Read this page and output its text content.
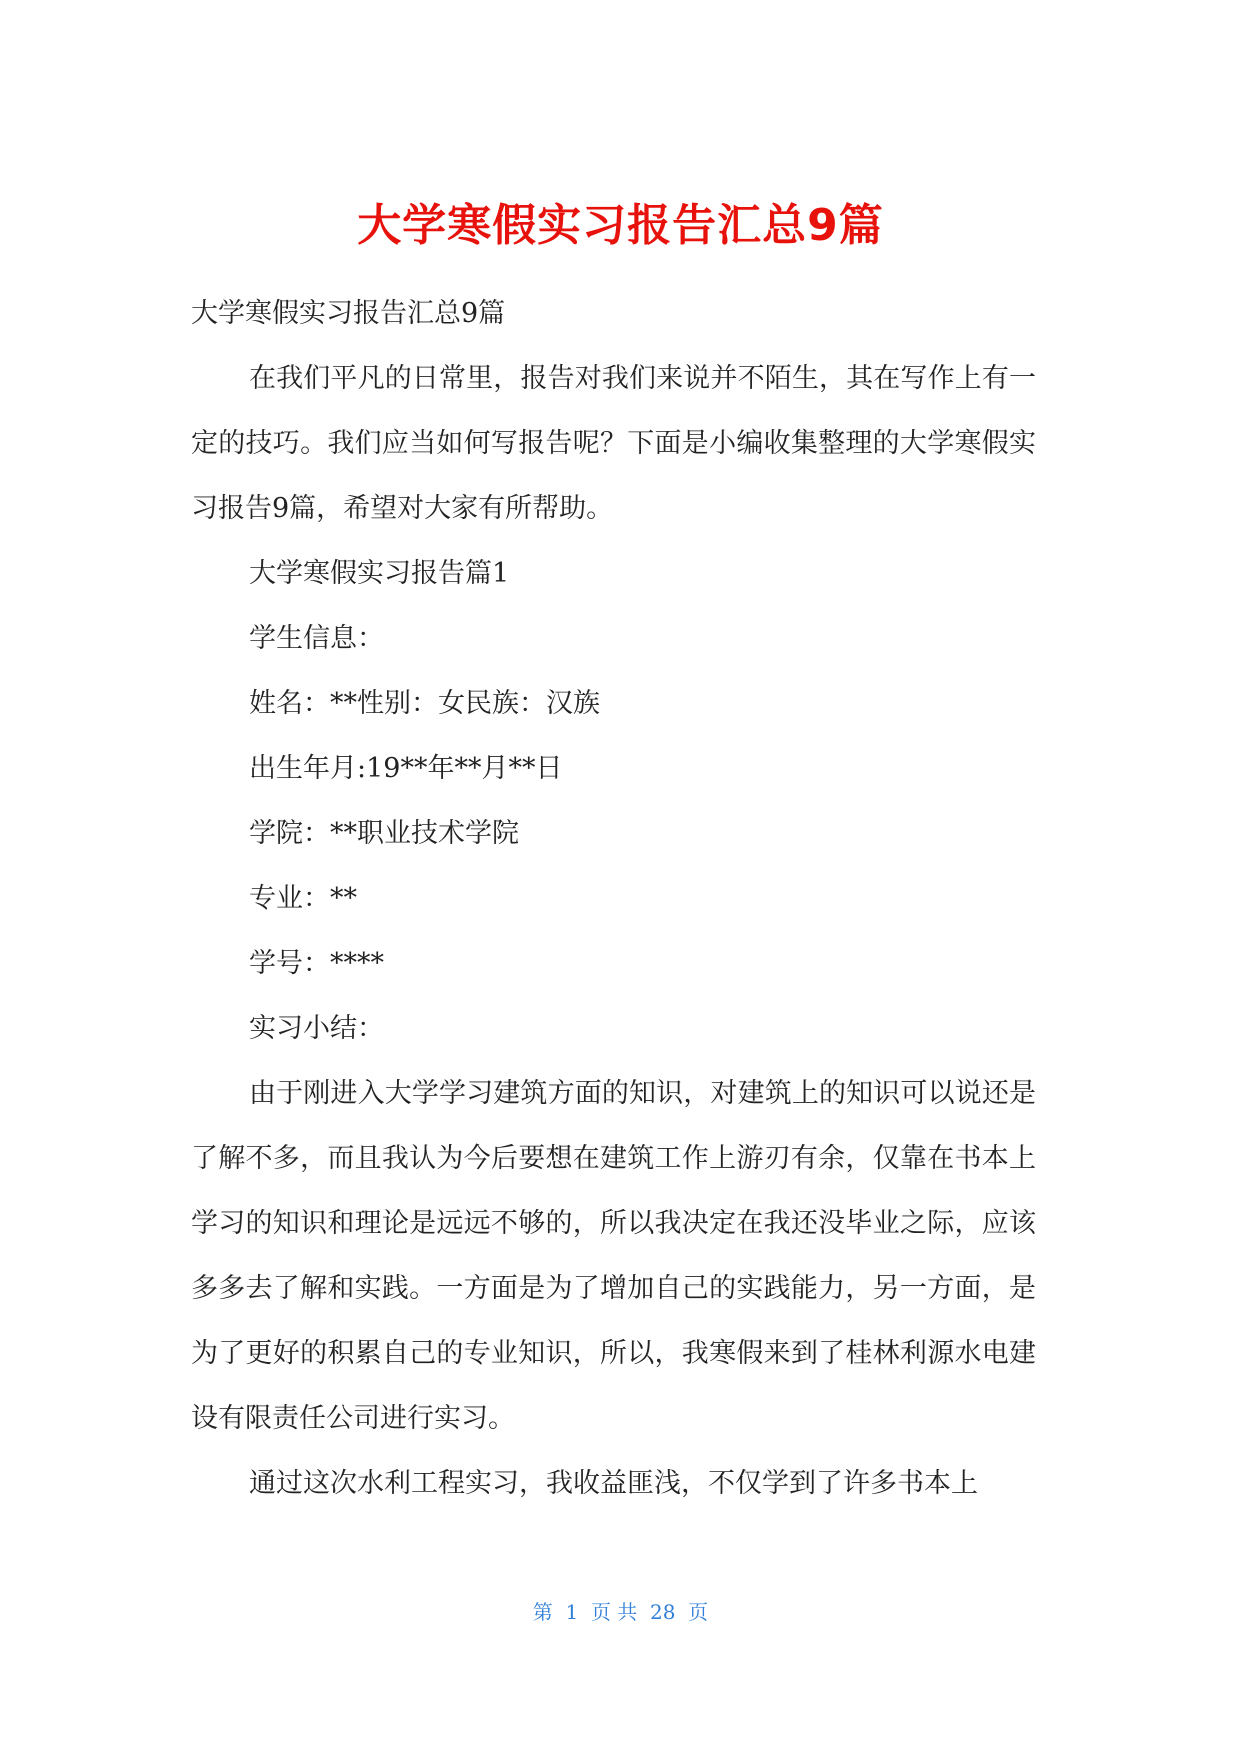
大学寒假实习报告汇总9篇

大学寒假实习报告汇总9篇

在我们平凡的日常里，报告对我们来说并不陌生，其在写作上有一定的技巧。我们应当如何写报告呢？下面是小编收集整理的大学寒假实习报告9篇，希望对大家有所帮助。

大学寒假实习报告篇1

学生信息：

姓名：**性别：女民族：汉族

出生年月:19**年**月**日

学院：**职业技术学院

专业：**

学号：****

实习小结：

由于刚进入大学学习建筑方面的知识，对建筑上的知识可以说还是了解不多，而且我认为今后要想在建筑工作上游刃有余，仅靠在书本上学习的知识和理论是远远不够的，所以我决定在我还没毕业之际，应该多多去了解和实践。一方面是为了增加自己的实践能力，另一方面，是为了更好的积累自己的专业知识，所以，我寒假来到了桂林利源水电建设有限责任公司进行实习。

通过这次水利工程实习，我收益匪浅，不仅学到了许多书本上

第  1  页 共  28  页
